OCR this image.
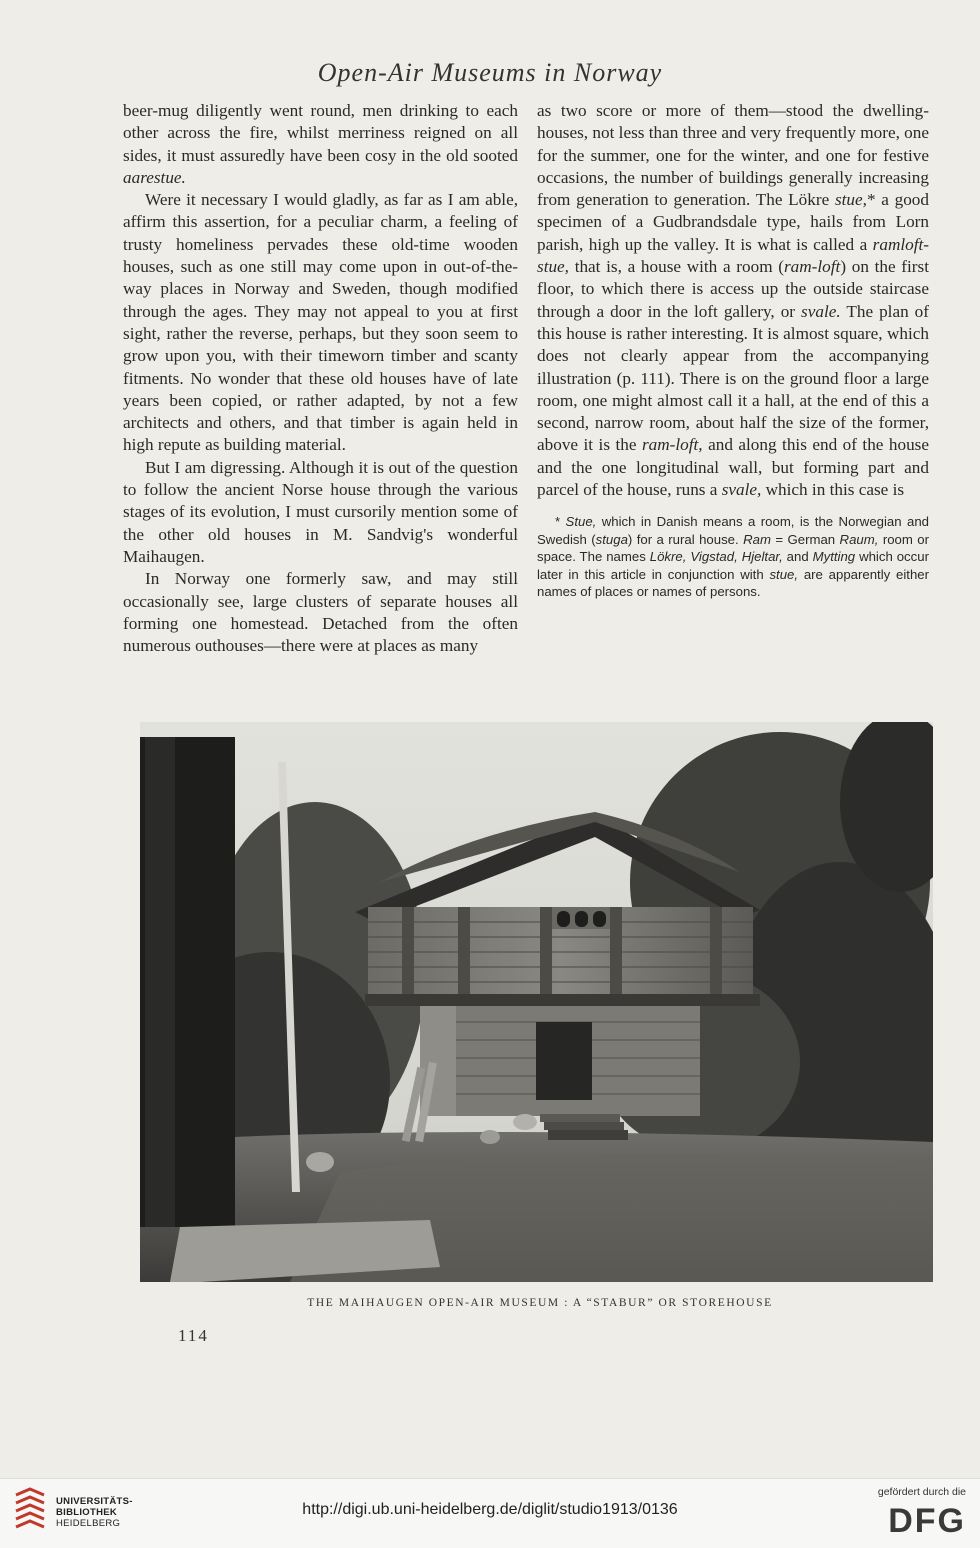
Open-Air Museums in Norway

beer-mug diligently went round, men drinking to each other across the fire, whilst merriness reigned on all sides, it must assuredly have been cosy in the old sooted aarestue.

Were it necessary I would gladly, as far as I am able, affirm this assertion, for a peculiar charm, a feeling of trusty homeliness pervades these old-time wooden houses, such as one still may come upon in out-of-the-way places in Norway and Sweden, though modified through the ages. They may not appeal to you at first sight, rather the reverse, perhaps, but they soon seem to grow upon you, with their timeworn timber and scanty fitments. No wonder that these old houses have of late years been copied, or rather adapted, by not a few architects and others, and that timber is again held in high repute as building material.

But I am digressing. Although it is out of the question to follow the ancient Norse house through the various stages of its evolution, I must cursorily mention some of the other old houses in M. Sandvig's wonderful Maihaugen.

In Norway one formerly saw, and may still occasionally see, large clusters of separate houses all forming one homestead. Detached from the often numerous outhouses—there were at places as many

as two score or more of them—stood the dwelling-houses, not less than three and very frequently more, one for the summer, one for the winter, and one for festive occasions, the number of buildings generally increasing from generation to generation. The Lökre stue,* a good specimen of a Gudbrandsdale type, hails from Lorn parish, high up the valley. It is what is called a ramloft-stue, that is, a house with a room (ram-loft) on the first floor, to which there is access up the outside staircase through a door in the loft gallery, or svale. The plan of this house is rather interesting. It is almost square, which does not clearly appear from the accompanying illustration (p. 111). There is on the ground floor a large room, one might almost call it a hall, at the end of this a second, narrow room, about half the size of the former, above it is the ram-loft, and along this end of the house and the one longitudinal wall, but forming part and parcel of the house, runs a svale, which in this case is

* Stue, which in Danish means a room, is the Norwegian and Swedish (stuga) for a rural house. Ram = German Raum, room or space. The names Lökre, Vigstad, Hjeltar, and Mytting which occur later in this article in conjunction with stue, are apparently either names of places or names of persons.

THE MAIHAUGEN OPEN-AIR MUSEUM : A “STABUR” OR STOREHOUSE
114
UNIVERSITÄTS-
BIBLIOTHEK
HEIDELBERG
http://digi.ub.uni-heidelberg.de/diglit/studio1913/0136
gefördert durch die
DFG
